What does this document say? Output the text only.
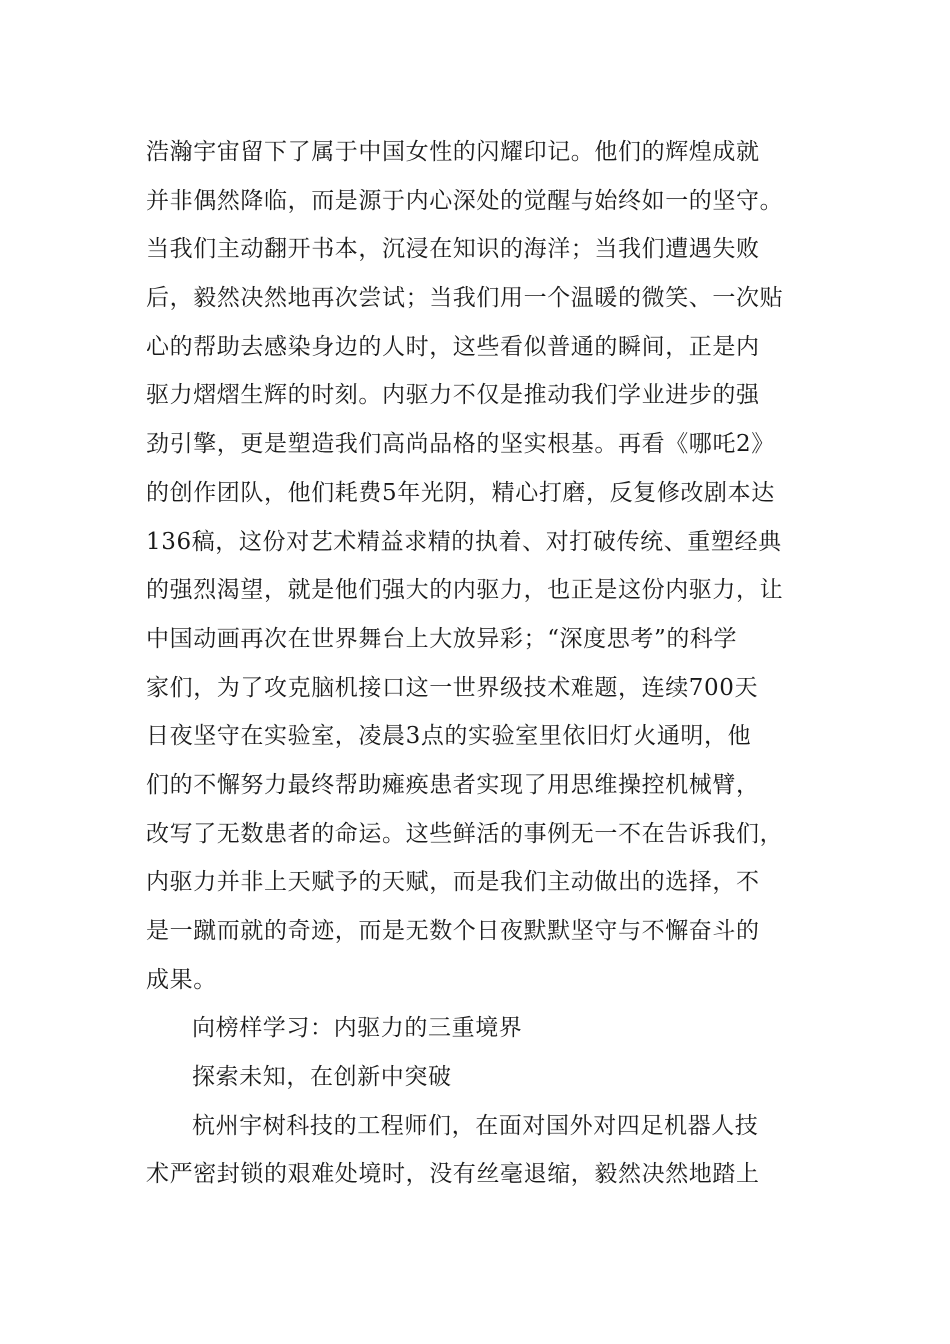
浩瀚宇宙留下了属于中国女性的闪耀印记。他们的辉煌成就
并非偶然降临，而是源于内心深处的觉醒与始终如一的坚守。
当我们主动翻开书本，沉浸在知识的海洋；当我们遭遇失败
后，毅然决然地再次尝试；当我们用一个温暖的微笑、一次贴
心的帮助去感染身边的人时，这些看似普通的瞬间，正是内
驱力熠熠生辉的时刻。内驱力不仅是推动我们学业进步的强
劲引擎，更是塑造我们高尚品格的坚实根基。再看《哪吒2》
的创作团队，他们耗费5年光阴，精心打磨，反复修改剧本达
136稿，这份对艺术精益求精的执着、对打破传统、重塑经典
的强烈渴望，就是他们强大的内驱力，也正是这份内驱力，让
中国动画再次在世界舞台上大放异彩；“深度思考”的科学
家们，为了攻克脑机接口这一世界级技术难题，连续700天
日夜坚守在实验室，凌晨3点的实验室里依旧灯火通明，他
们的不懈努力最终帮助瘫痪患者实现了用思维操控机械臂，
改写了无数患者的命运。这些鲜活的事例无一不在告诉我们，
内驱力并非上天赋予的天赋，而是我们主动做出的选择，不
是一蹴而就的奇迹，而是无数个日夜默默坚守与不懈奋斗的
成果。
向榜样学习：内驱力的三重境界
探索未知，在创新中突破
杭州宇树科技的工程师们，在面对国外对四足机器人技
术严密封锁的艰难处境时，没有丝毫退缩，毅然决然地踏上
